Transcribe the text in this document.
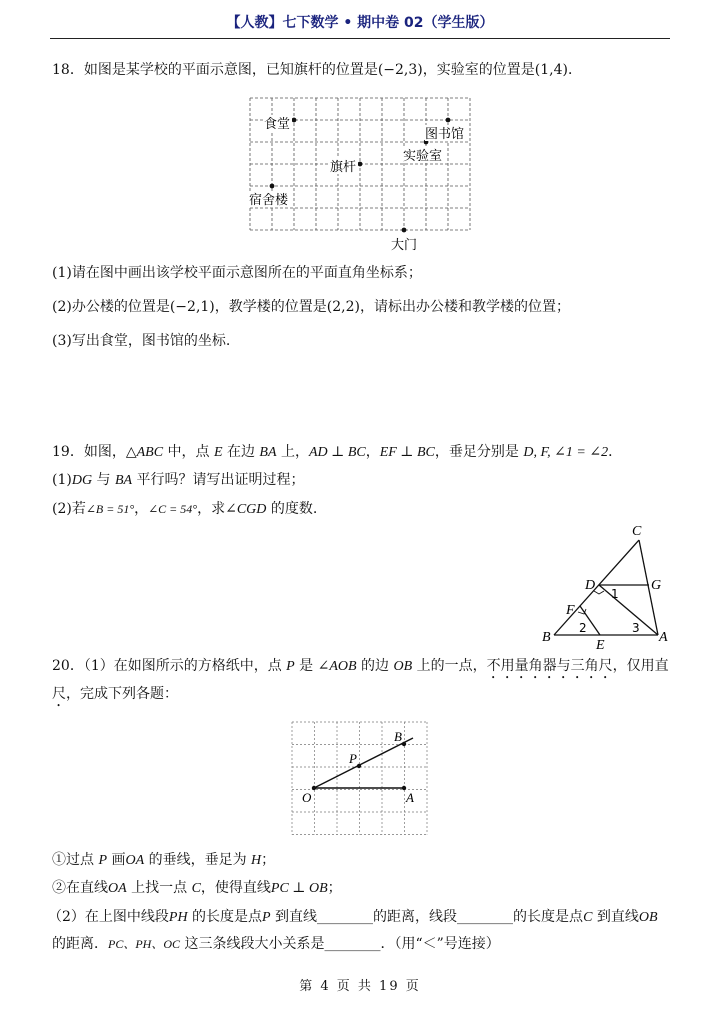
【人教】七下数学 • 期中卷 02（学生版）
18．如图是某学校的平面示意图，已知旗杆的位置是(−2,3)，实验室的位置是(1,4)．
食堂
图书馆
实验室
旗杆
宿舍楼
大门
(1)请在图中画出该学校平面示意图所在的平面直角坐标系；
(2)办公楼的位置是(−2,1)，教学楼的位置是(2,2)，请标出办公楼和教学楼的位置；
(3)写出食堂，图书馆的坐标.
19．如图，△ABC 中，点 E 在边 BA 上，AD ⊥ BC，EF ⊥ BC，垂足分别是 D, F, ∠1 = ∠2．
(1)DG 与 BA 平行吗？请写出证明过程；
(2)若∠B = 51°，∠C = 54°，求∠CGD 的度数.
C
D	G
F
B	A
E
1
2	3
20．（1）在如图所示的方格纸中，点 P 是 ∠AOB 的边 OB 上的一点，不用量角器与三角尺，仅用直
尺，完成下列各题：
B
P
O	A
①过点 P 画OA 的垂线，垂足为 H；
②在直线OA 上找一点 C，使得直线PC ⊥ OB；
（2）在上图中线段PH 的长度是点P 到直线________的距离，线段________的长度是点C 到直线OB
的距离．PC、PH、OC 这三条线段大小关系是________．（用“＜”号连接）
第 4 页 共 19 页
